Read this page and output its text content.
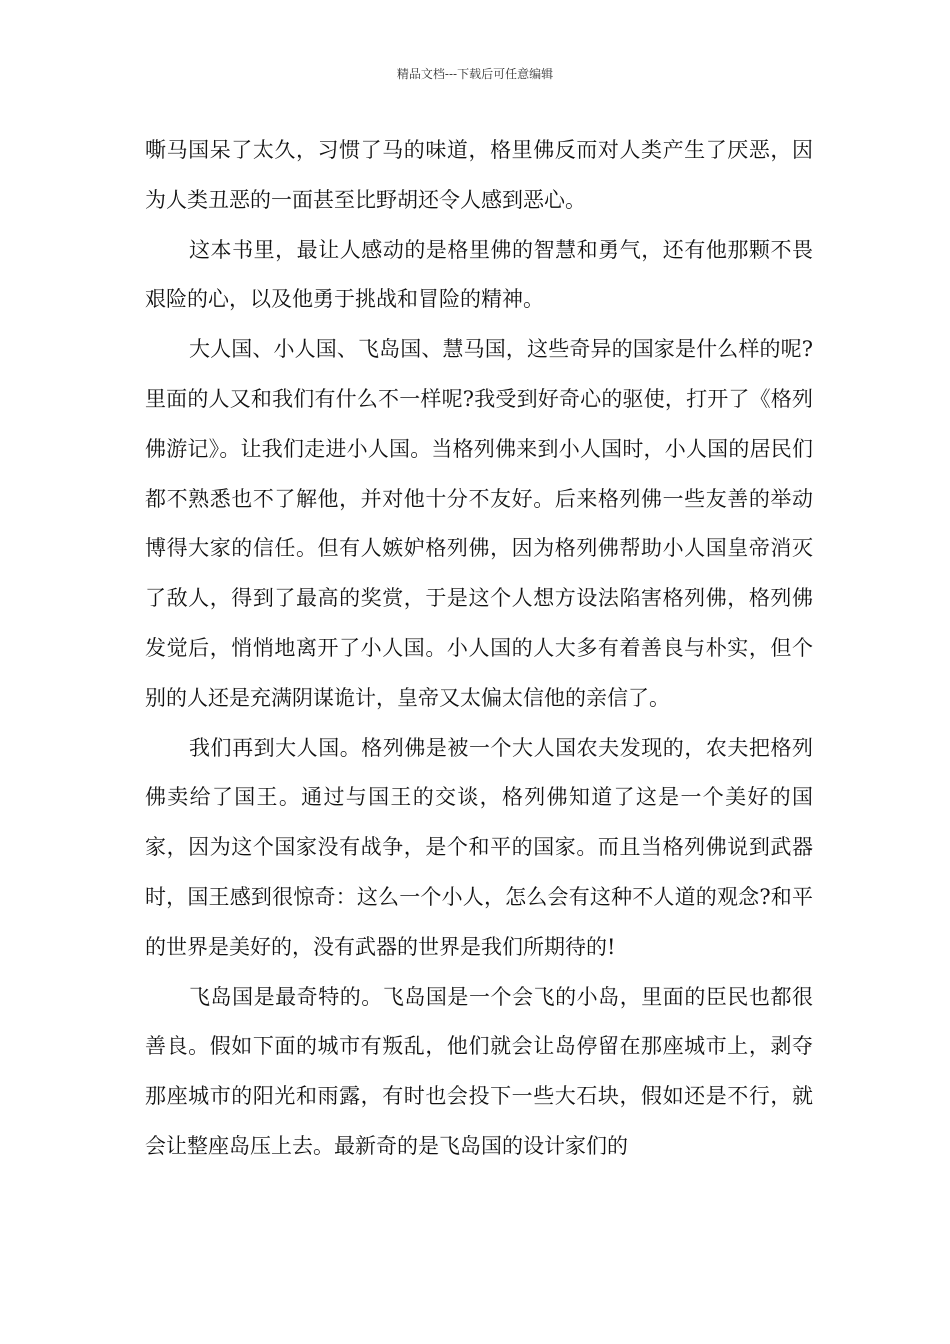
精品文档---下载后可任意编辑

嘶马国呆了太久，习惯了马的味道，格里佛反而对人类产生了厌恶，因为人类丑恶的一面甚至比野胡还令人感到恶心。

这本书里，最让人感动的是格里佛的智慧和勇气，还有他那颗不畏艰险的心，以及他勇于挑战和冒险的精神。

大人国、小人国、飞岛国、慧马国，这些奇异的国家是什么样的呢?里面的人又和我们有什么不一样呢?我受到好奇心的驱使，打开了《格列佛游记》。让我们走进小人国。当格列佛来到小人国时，小人国的居民们都不熟悉也不了解他，并对他十分不友好。后来格列佛一些友善的举动博得大家的信任。但有人嫉妒格列佛，因为格列佛帮助小人国皇帝消灭了敌人，得到了最高的奖赏，于是这个人想方设法陷害格列佛，格列佛发觉后，悄悄地离开了小人国。小人国的人大多有着善良与朴实，但个别的人还是充满阴谋诡计，皇帝又太偏太信他的亲信了。

我们再到大人国。格列佛是被一个大人国农夫发现的，农夫把格列佛卖给了国王。通过与国王的交谈，格列佛知道了这是一个美好的国家，因为这个国家没有战争，是个和平的国家。而且当格列佛说到武器时，国王感到很惊奇：这么一个小人，怎么会有这种不人道的观念?和平的世界是美好的，没有武器的世界是我们所期待的!

飞岛国是最奇特的。飞岛国是一个会飞的小岛，里面的臣民也都很善良。假如下面的城市有叛乱，他们就会让岛停留在那座城市上，剥夺那座城市的阳光和雨露，有时也会投下一些大石块，假如还是不行，就会让整座岛压上去。最新奇的是飞岛国的设计家们的
